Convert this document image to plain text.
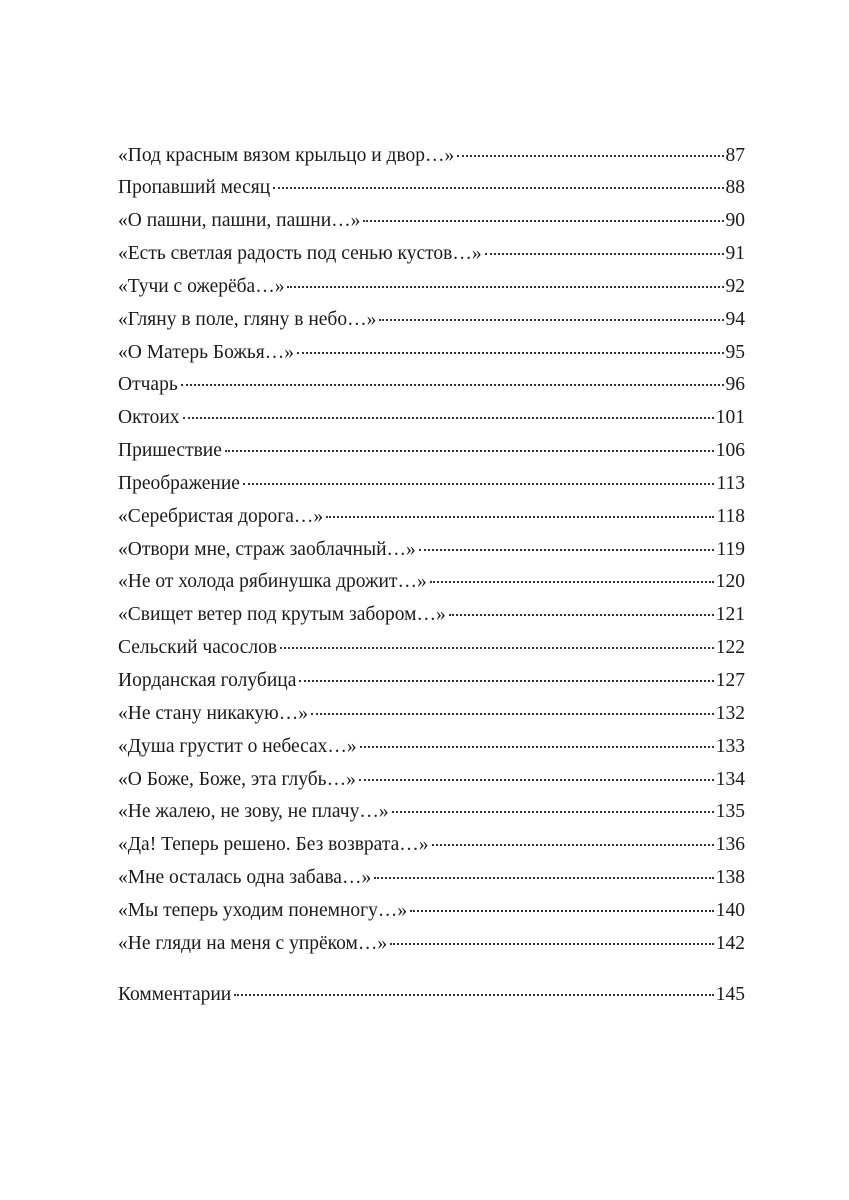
«Под красным вязом крыльцо и двор…»	87
Пропавший месяц	88
«О пашни, пашни, пашни…»	90
«Есть светлая радость под сенью кустов…»	91
«Тучи с ожерёба…»	92
«Гляну в поле, гляну в небо…»	94
«О Матерь Божья…»	95
Отчарь	96
Октоих	101
Пришествие	106
Преображение	113
«Серебристая дорога…»	118
«Отвори мне, страж заоблачный…»	119
«Не от холода рябинушка дрожит…»	120
«Свищет ветер под крутым забором…»	121
Сельский часослов	122
Иорданская голубица	127
«Не стану никакую…»	132
«Душа грустит о небесах…»	133
«О Боже, Боже, эта глубь…»	134
«Не жалею, не зову, не плачу…»	135
«Да! Теперь решено. Без возврата…»	136
«Мне осталась одна забава…»	138
«Мы теперь уходим понемногу…»	140
«Не гляди на меня с упрёком…»	142
Комментарии	145
